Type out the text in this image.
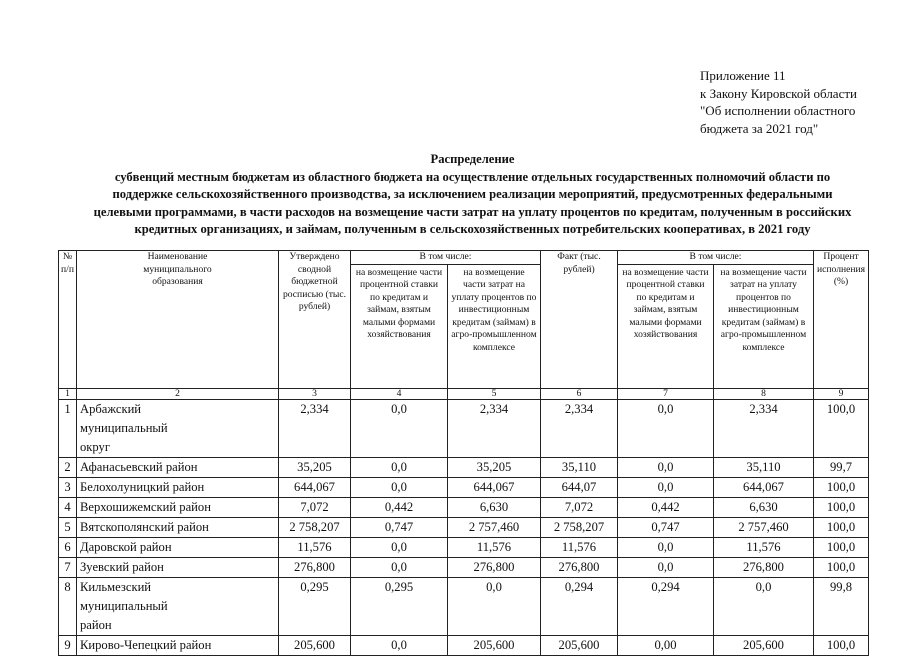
Приложение 11
к Закону Кировской области
"Об исполнении областного
бюджета за 2021 год"
Распределение
субвенций местным бюджетам из областного бюджета на осуществление отдельных государственных полномочий области по
поддержке сельскохозяйственного производства, за исключением реализации мероприятий, предусмотренных федеральными
целевыми программами, в части расходов на возмещение части затрат на уплату процентов по кредитам, полученным в российских
кредитных организациях, и займам, полученным в сельскохозяйственных потребительских кооперативах, в 2021 году
№ п/п	Наименование муниципального образования	Утверждено сводной бюджетной росписью (тыс. рублей)	В том числе:		Факт (тыс. рублей)	В том числе:		Процент исполнения (%)
			на возмещение части процентной ставки по кредитам и займам, взятым малыми формами хозяйствования	на возмещение части затрат на уплату процентов по инвестиционным кредитам (займам) в агро-промышленном комплексе		на возмещение части процентной ставки по кредитам и займам, взятым малыми формами хозяйствования	на возмещение части затрат на уплату процентов по инвестиционным кредитам (займам) в агро-промышленном комплексе	
1	2	3	4	5	6	7	8	9
1	Арбажский муниципальный округ	2,334	0,0	2,334	2,334	0,0	2,334	100,0
2	Афанасьевский район	35,205	0,0	35,205	35,110	0,0	35,110	99,7
3	Белохолуницкий район	644,067	0,0	644,067	644,07	0,0	644,067	100,0
4	Верхошижемский район	7,072	0,442	6,630	7,072	0,442	6,630	100,0
5	Вятскополянский район	2 758,207	0,747	2 757,460	2 758,207	0,747	2 757,460	100,0
6	Даровской район	11,576	0,0	11,576	11,576	0,0	11,576	100,0
7	Зуевский район	276,800	0,0	276,800	276,800	0,0	276,800	100,0
8	Кильмезский муниципальный район	0,295	0,295	0,0	0,294	0,294	0,0	99,8
9	Кирово-Чепецкий район	205,600	0,0	205,600	205,600	0,00	205,600	100,0
